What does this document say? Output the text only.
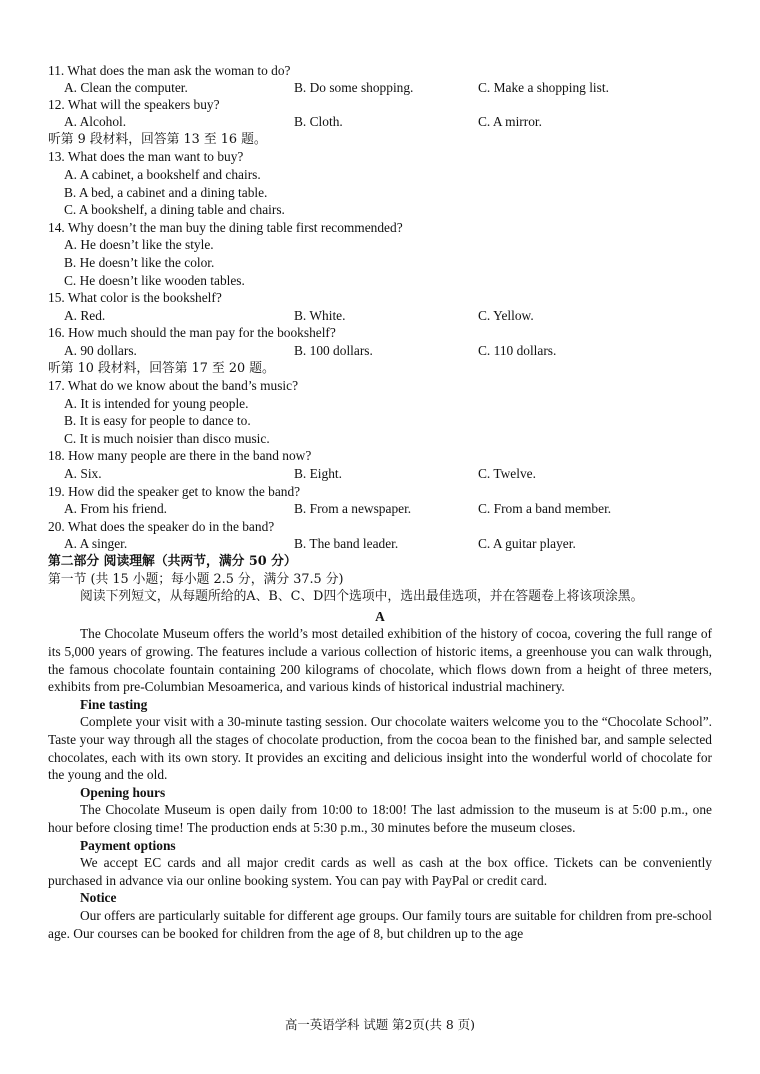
11. What does the man ask the woman to do?
A. Clean the computer.	B. Do some shopping.	C. Make a shopping list.
12. What will the speakers buy?
A. Alcohol.	B. Cloth.	C. A mirror.
听第 9 段材料，回答第 13 至 16 题。
13. What does the man want to buy?
A. A cabinet, a bookshelf and chairs.
B. A bed, a cabinet and a dining table.
C. A bookshelf, a dining table and chairs.
14. Why doesn’t the man buy the dining table first recommended?
A. He doesn’t like the style.
B. He doesn’t like the color.
C. He doesn’t like wooden tables.
15. What color is the bookshelf?
A. Red.	B. White.	C. Yellow.
16. How much should the man pay for the bookshelf?
A. 90 dollars.	B. 100 dollars.	C. 110 dollars.
听第 10 段材料，回答第 17 至 20 题。
17. What do we know about the band’s music?
A. It is intended for young people.
B. It is easy for people to dance to.
C. It is much noisier than disco music.
18. How many people are there in the band now?
A. Six.	B. Eight.	C. Twelve.
19. How did the speaker get to know the band?
A. From his friend.	B. From a newspaper.	C. From a band member.
20. What does the speaker do in the band?
A. A singer.	B. The band leader.	C. A guitar player.
第二部分 阅读理解（共两节，满分 50 分）
第一节 (共 15 小题；每小题 2.5 分，满分 37.5 分)
阅读下列短文，从每题所给的A、B、C、D四个选项中，选出最佳选项，并在答题卷上将该项涂黑。
A

The Chocolate Museum offers the world’s most detailed exhibition of the history of cocoa, covering the full range of its 5,000 years of growing. The features include a various collection of historic items, a greenhouse you can walk through, the famous chocolate fountain containing 200 kilograms of chocolate, which flows down from a height of three meters, exhibits from pre-Columbian Mesoamerica, and various kinds of historical industrial machinery.

Fine tasting

Complete your visit with a 30-minute tasting session. Our chocolate waiters welcome you to the “Chocolate School”. Taste your way through all the stages of chocolate production, from the cocoa bean to the finished bar, and sample selected chocolates, each with its own story. It provides an exciting and delicious insight into the wonderful world of chocolate for the young and the old.

Opening hours

The Chocolate Museum is open daily from 10:00 to 18:00! The last admission to the museum is at 5:00 p.m., one hour before closing time! The production ends at 5:30 p.m., 30 minutes before the museum closes.

Payment options

We accept EC cards and all major credit cards as well as cash at the box office. Tickets can be conveniently purchased in advance via our online booking system. You can pay with PayPal or credit card.

Notice

Our offers are particularly suitable for different age groups. Our family tours are suitable for children from pre-school age. Our courses can be booked for children from the age of 8, but children up to the age

高一英语学科 试题 第2页(共 8 页)
